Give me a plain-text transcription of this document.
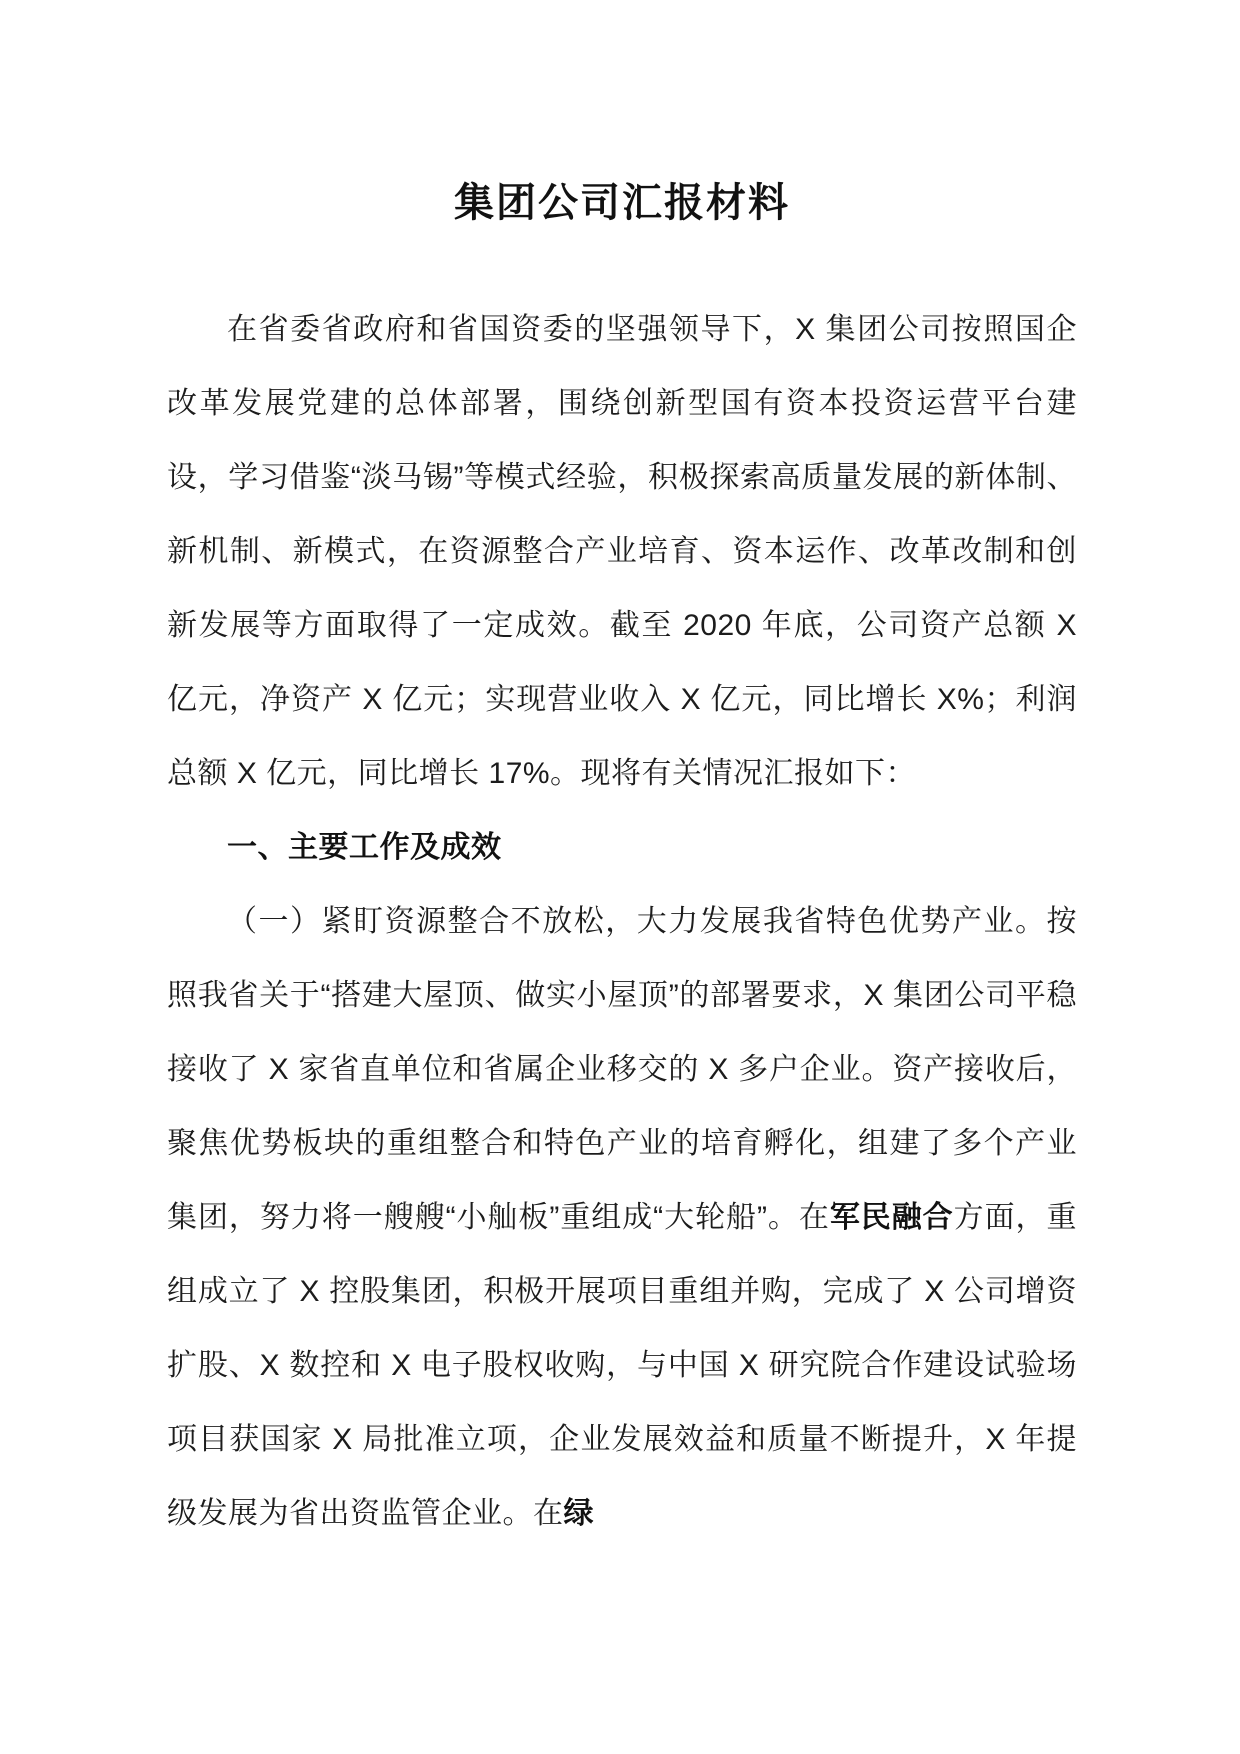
集团公司汇报材料

在省委省政府和省国资委的坚强领导下，X 集团公司按照国企改革发展党建的总体部署，围绕创新型国有资本投资运营平台建设，学习借鉴“淡马锡”等模式经验，积极探索高质量发展的新体制、新机制、新模式，在资源整合产业培育、资本运作、改革改制和创新发展等方面取得了一定成效。截至 2020 年底，公司资产总额 X 亿元，净资产 X 亿元；实现营业收入 X 亿元，同比增长 X%；利润总额 X 亿元，同比增长 17%。现将有关情况汇报如下：

一、主要工作及成效

（一）紧盯资源整合不放松，大力发展我省特色优势产业。按照我省关于“搭建大屋顶、做实小屋顶”的部署要求，X 集团公司平稳接收了 X 家省直单位和省属企业移交的 X 多户企业。资产接收后，聚焦优势板块的重组整合和特色产业的培育孵化，组建了多个产业集团，努力将一艘艘“小舢板”重组成“大轮船”。在军民融合方面，重组成立了 X 控股集团，积极开展项目重组并购，完成了 X 公司增资扩股、X 数控和 X 电子股权收购，与中国 X 研究院合作建设试验场项目获国家 X 局批准立项，企业发展效益和质量不断提升，X 年提级发展为省出资监管企业。在绿
